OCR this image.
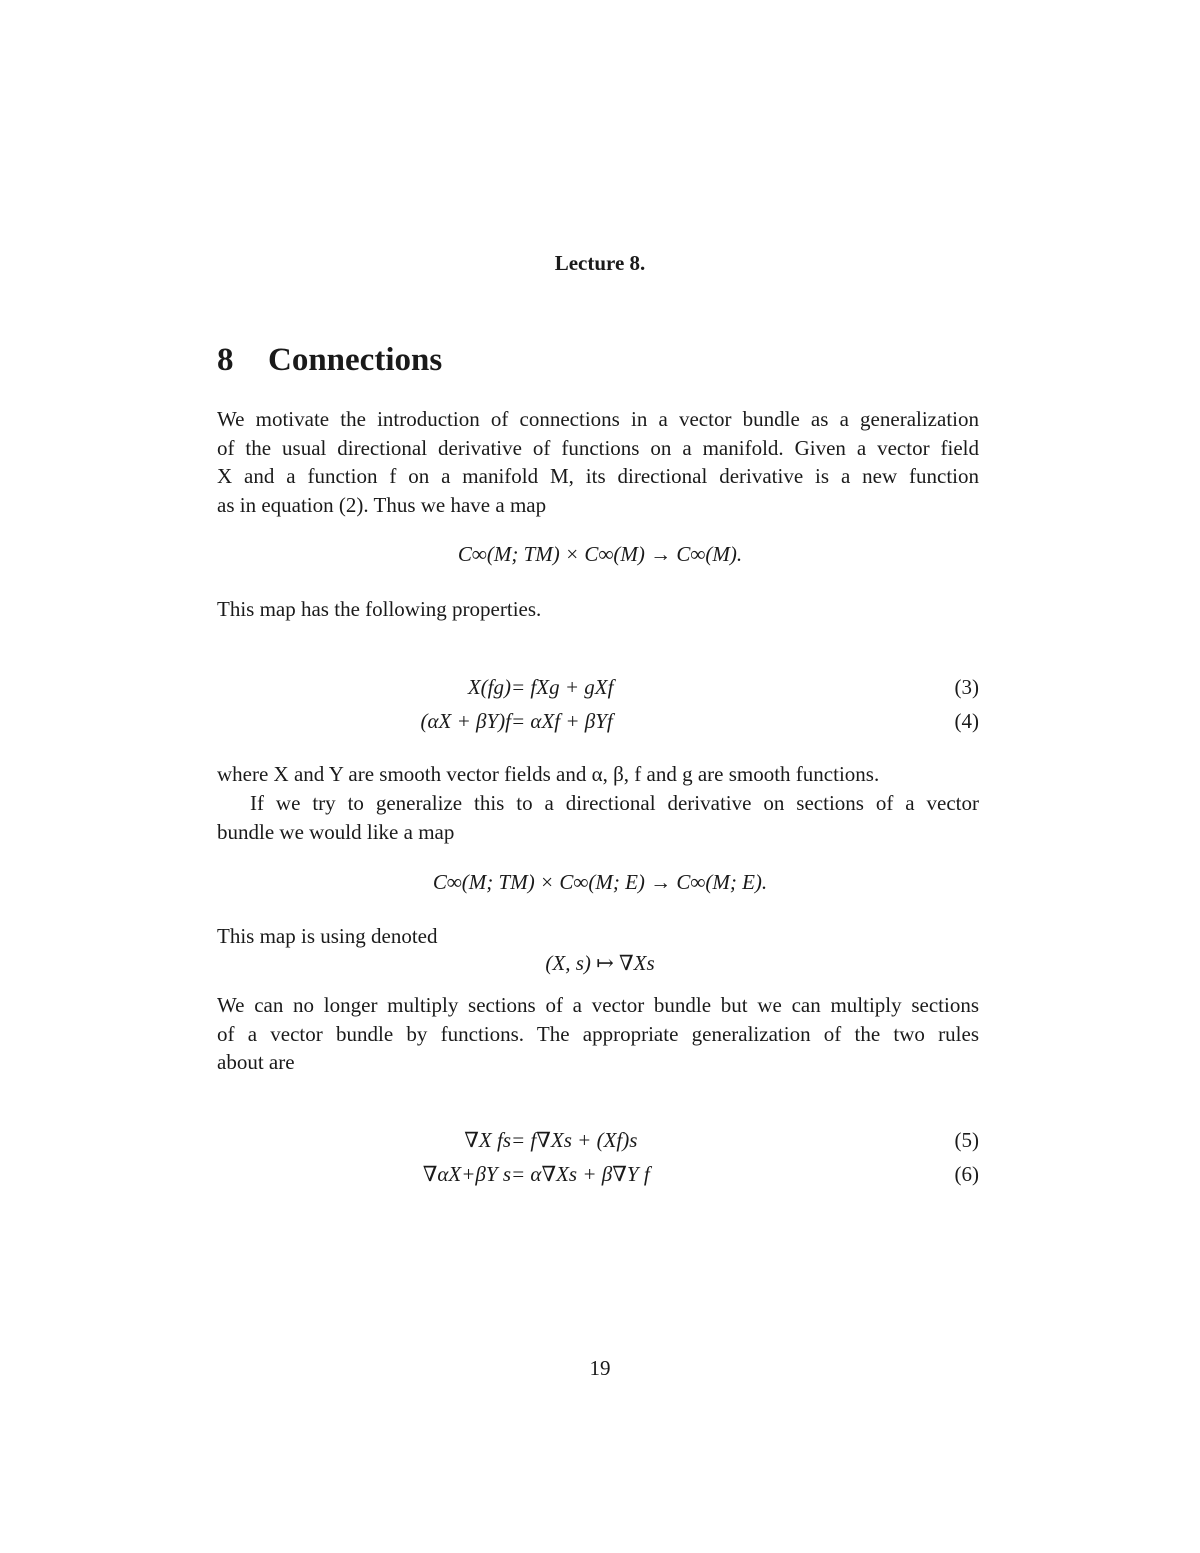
Lecture 8.
8 Connections

We motivate the introduction of connections in a vector bundle as a generalization
of the usual directional derivative of functions on a manifold. Given a vector field
X and a function f on a manifold M, its directional derivative is a new function
as in equation (2). Thus we have a map

C∞(M; TM) × C∞(M) → C∞(M).

This map has the following properties.

X(fg) = fXg + gXf	(3)
(αX + βY)f = αXf + βYf	(4)

where X and Y are smooth vector fields and α, β, f and g are smooth functions.

If we try to generalize this to a directional derivative on sections of a vector
bundle we would like a map

C∞(M; TM) × C∞(M; E) → C∞(M; E).

This map is using denoted

(X, s) ↦ ∇Xs

We can no longer multiply sections of a vector bundle but we can multiply sections
of a vector bundle by functions. The appropriate generalization of the two rules
about are

∇X fs = f∇Xs + (Xf)s	(5)
∇αX+βY s = α∇Xs + β∇Y f	(6)
19
